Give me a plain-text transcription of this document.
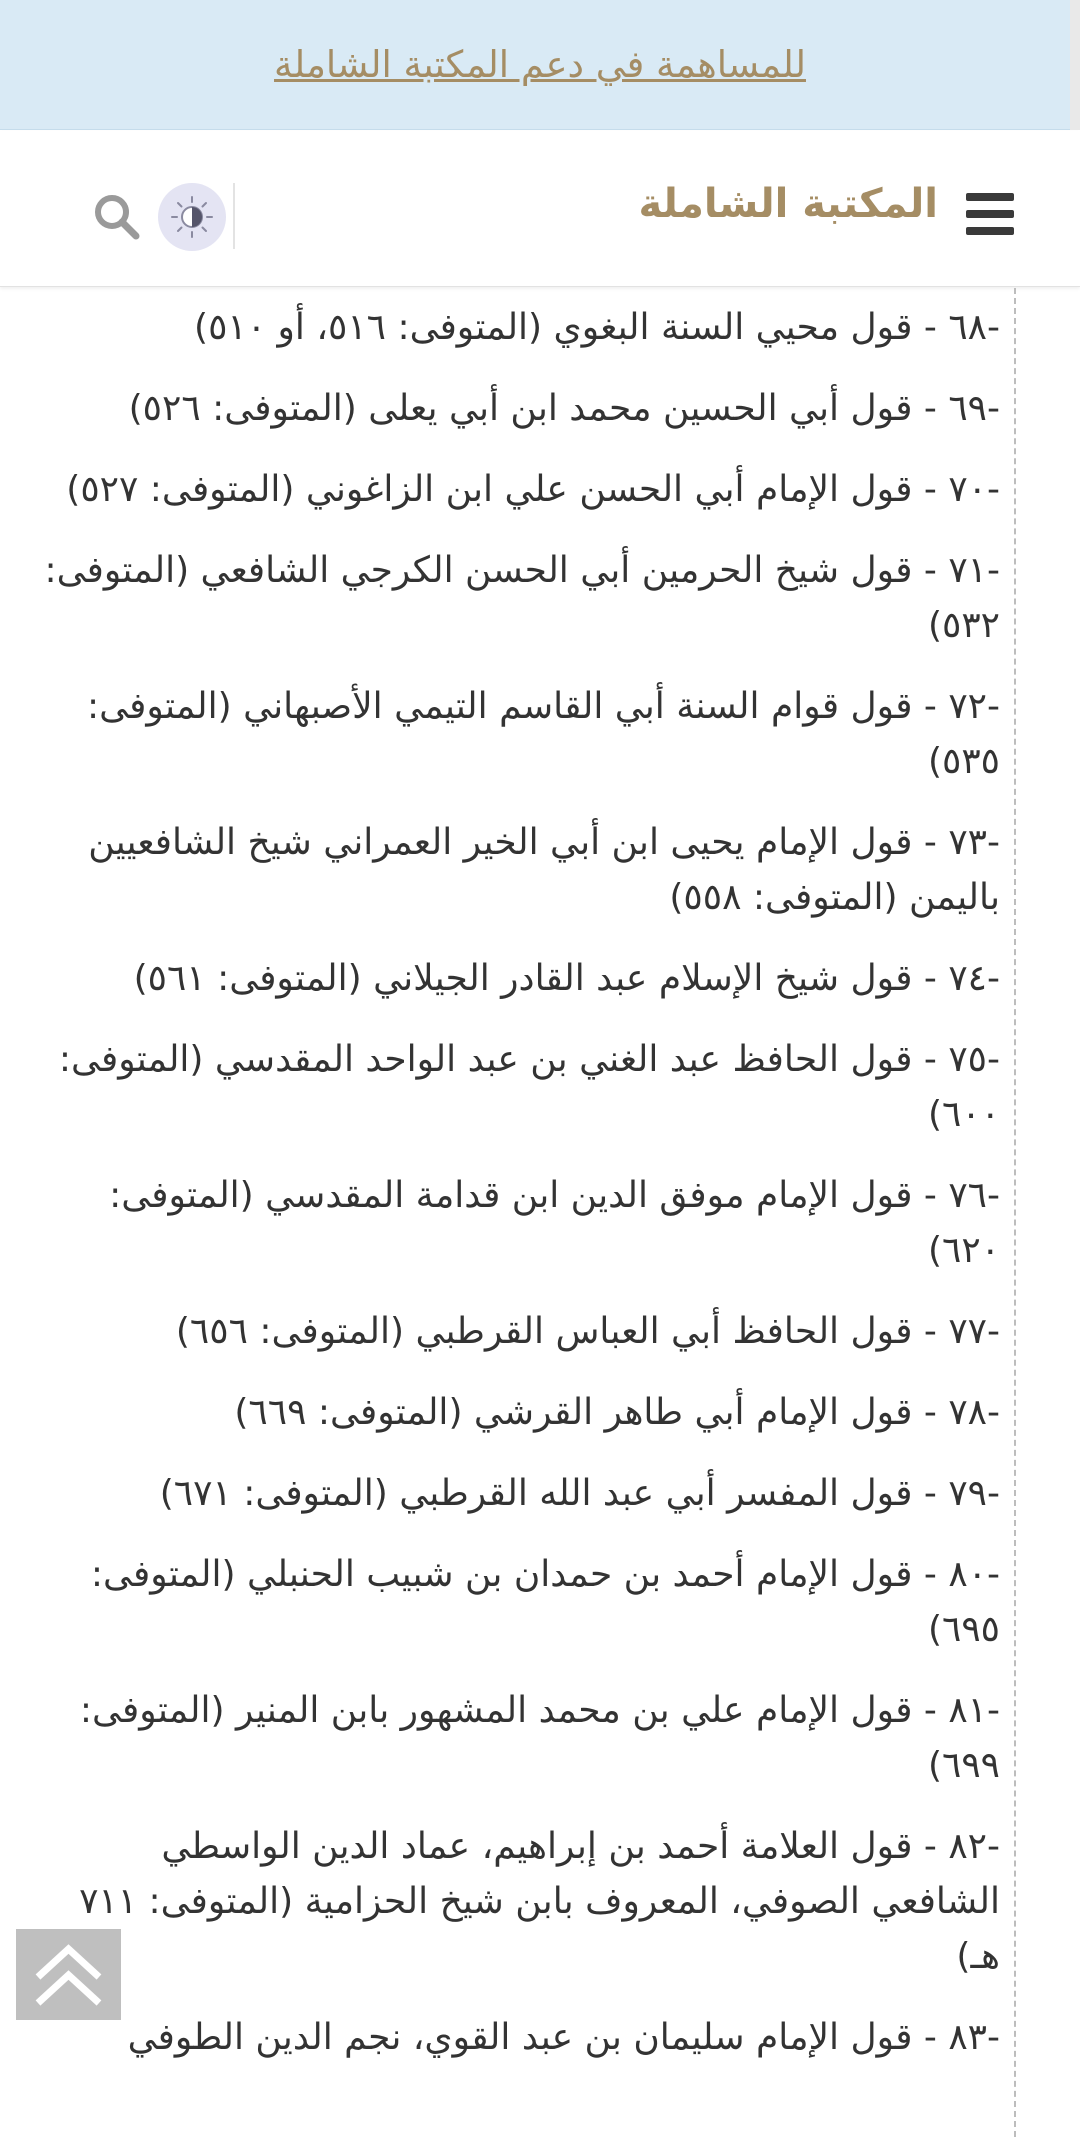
للمساهمة في دعم المكتبة الشاملة
المكتبة الشاملة
-٦٨ - قول محيي السنة البغوي (المتوفى: ٥١٦، أو ٥١٠)
-٦٩ - قول أبي الحسين محمد ابن أبي يعلى (المتوفى: ٥٢٦)
-٧٠ - قول الإمام أبي الحسن علي ابن الزاغوني (المتوفى: ٥٢٧)
-٧١ - قول شيخ الحرمين أبي الحسن الكرجي الشافعي (المتوفى: ٥٣٢)
-٧٢ - قول قوام السنة أبي القاسم التيمي الأصبهاني (المتوفى: ٥٣٥)
-٧٣ - قول الإمام يحيى ابن أبي الخير العمراني شيخ الشافعيين باليمن (المتوفى: ٥٥٨)
-٧٤ - قول شيخ الإسلام عبد القادر الجيلاني (المتوفى: ٥٦١)
-٧٥ - قول الحافظ عبد الغني بن عبد الواحد المقدسي (المتوفى: ٦٠٠)
-٧٦ - قول الإمام موفق الدين ابن قدامة المقدسي (المتوفى: ٦٢٠)
-٧٧ - قول الحافظ أبي العباس القرطبي (المتوفى: ٦٥٦)
-٧٨ - قول الإمام أبي طاهر القرشي (المتوفى: ٦٦٩)
-٧٩ - قول المفسر أبي عبد الله القرطبي (المتوفى: ٦٧١)
-٨٠ - قول الإمام أحمد بن حمدان بن شبيب الحنبلي (المتوفى: ٦٩٥)
-٨١ - قول الإمام علي بن محمد المشهور بابن المنير (المتوفى: ٦٩٩)
-٨٢ - قول العلامة أحمد بن إبراهيم، عماد الدين الواسطي الشافعي الصوفي، المعروف بابن شيخ الحزامية (المتوفى: ٧١١ هـ)
-٨٣ - قول الإمام سليمان بن عبد القوي، نجم الدين الطوفي
